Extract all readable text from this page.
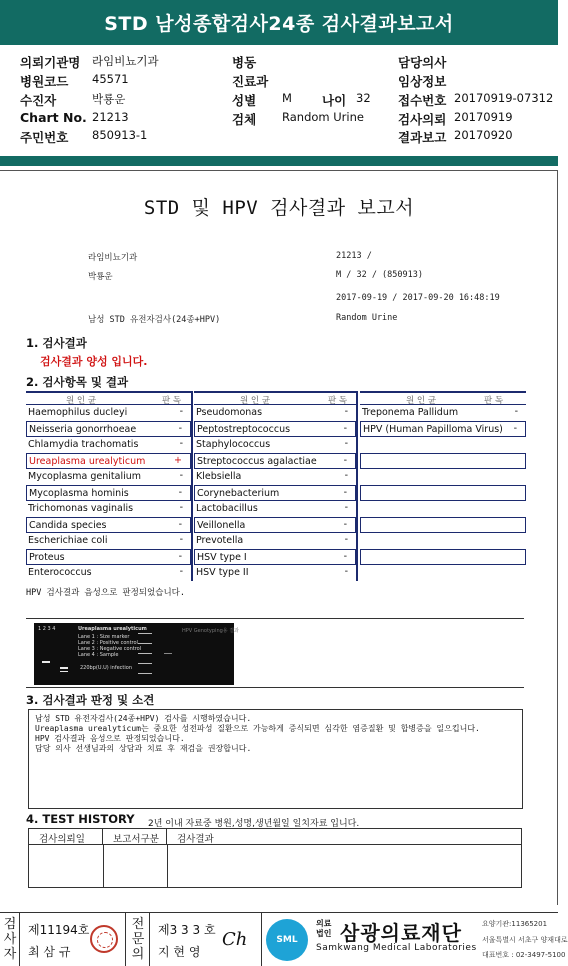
STD 남성종합검사24종 검사결과보고서
의뢰기관명 라임비뇨기과	병동	담당의사
병원코드 45571	진료과	임상정보
수진자	박룡운	성별 M 나이 32 접수번호 20170919-07312
Chart No. 21213	검체 Random Urine	검사의뢰 20170919
주민번호 850913-1	결과보고 20170920
STD 및 HPV 검사결과 보고서
라임비뇨기과	21213 /
박룡운	M / 32 / (850913)
2017-09-19 / 2017-09-20 16:48:19
남성 STD 유전자검사(24종+HPV)	Random Urine
1. 검사결과
검사결과 양성 입니다.
2. 검사항목 및 결과
원 인 균	판 독
Haemophilus ducleyi	-
Neisseria gonorrhoeae	-
Chlamydia trachomatis	-
Ureaplasma urealyticum	+
Mycoplasma genitalium	-
Mycoplasma hominis	-
Trichomonas vaginalis	-
Candida species	-
Escherichiae coli	-
Proteus	-
Enterococcus	-
원 인 균	판 독
Pseudomonas	-
Peptostreptococcus	-
Staphylococcus	-
Streptococcus agalactiae	-
Klebsiella	-
Corynebacterium	-
Lactobacillus	-
Veillonella	-
Prevotella	-
HSV type I	-
HSV type II	-
원 인 균	판 독
Treponema Pallidum	-
HPV (Human Papilloma Virus) -
HPV 검사결과 음성으로 판정되었습니다.
1 2 3 4	Ureaplasma urealyticum
Lane 1 : Size marker
Lane 2 : Positive control
Lane 3 : Negative control
Lane 4 : Sample
220bp(U.U) infection
HPV Genotyping용 결과
3. 검사결과 판정 및 소견
남성 STD 유전자검사(24종+HPV) 검사를 시행하였습니다.
Ureaplasma urealyticum는 중요한 성전파성 질환으로 가능하게 증식되면 심각한 염증질환 및 합병증을 일으킵니다.
HPV 검사결과 음성으로 판정되었습니다.
담당 의사 선생님과의 상담과 치료 후 재검을 권장합니다.
4. TEST HISTORY 2년 이내 자료중 병원,성명,생년월일 일치자료 입니다.
검사의뢰일	보고서구분	검사결과
검
사
자
제11194호
최 삼 규
전
문
의
제3 3 3 호
지 현 영
Ch	SML
의료
법인 삼광의료재단
Samkwang Medical Laboratories
요양기관:11365201
서울특별시 서초구 양재대로
대표번호 : 02-3497-5100
